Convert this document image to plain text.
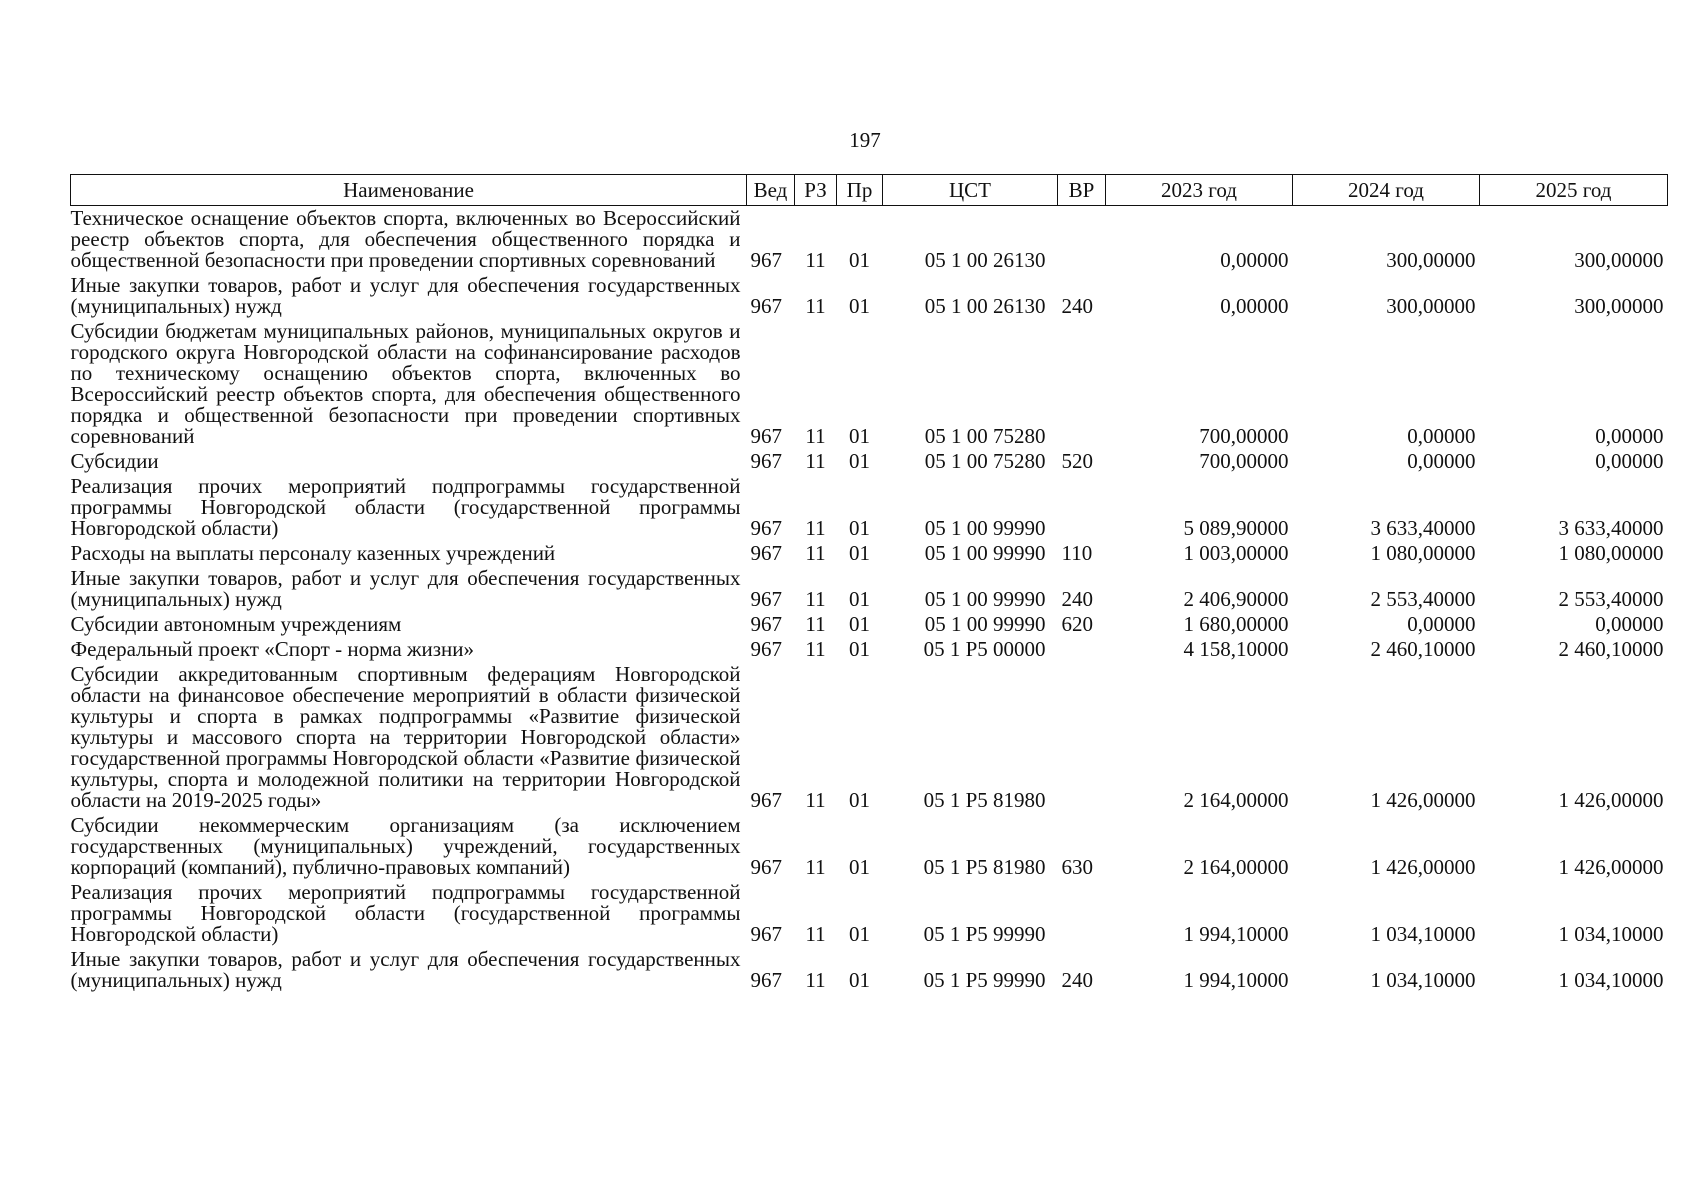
197
Наименование	Вед	РЗ	Пр	ЦСТ	ВР	2023 год	2024 год	2025 год
Техническое оснащение объектов спорта, включенных во Всероссийский реестр объектов спорта, для обеспечения общественного порядка и общественной безопасности при проведении спортивных соревнований	967	11	01	05 1 00 26130		0,00000	300,00000	300,00000
Иные закупки товаров, работ и услуг для обеспечения государственных (муниципальных) нужд	967	11	01	05 1 00 26130	240	0,00000	300,00000	300,00000
Субсидии бюджетам муниципальных районов, муниципальных округов и городского округа Новгородской области на софинансирование расходов по техническому оснащению объектов спорта, включенных во Всероссийский реестр объектов спорта, для обеспечения общественного порядка и общественной безопасности при проведении спортивных соревнований	967	11	01	05 1 00 75280		700,00000	0,00000	0,00000
Субсидии	967	11	01	05 1 00 75280	520	700,00000	0,00000	0,00000
Реализация прочих мероприятий подпрограммы государственной программы Новгородской области (государственной программы Новгородской области)	967	11	01	05 1 00 99990		5 089,90000	3 633,40000	3 633,40000
Расходы на выплаты персоналу казенных учреждений	967	11	01	05 1 00 99990	110	1 003,00000	1 080,00000	1 080,00000
Иные закупки товаров, работ и услуг для обеспечения государственных (муниципальных) нужд	967	11	01	05 1 00 99990	240	2 406,90000	2 553,40000	2 553,40000
Субсидии автономным учреждениям	967	11	01	05 1 00 99990	620	1 680,00000	0,00000	0,00000
Федеральный проект «Спорт - норма жизни»	967	11	01	05 1 P5 00000		4 158,10000	2 460,10000	2 460,10000
Субсидии аккредитованным спортивным федерациям Новгородской области на финансовое обеспечение мероприятий в области физической культуры и спорта в рамках подпрограммы «Развитие физической культуры и массового спорта на территории Новгородской области» государственной программы Новгородской области «Развитие физической культуры, спорта и молодежной политики на территории Новгородской области на 2019-2025 годы»	967	11	01	05 1 P5 81980		2 164,00000	1 426,00000	1 426,00000
Субсидии некоммерческим организациям (за исключением государственных (муниципальных) учреждений, государственных корпораций (компаний), публично-правовых компаний)	967	11	01	05 1 P5 81980	630	2 164,00000	1 426,00000	1 426,00000
Реализация прочих мероприятий подпрограммы государственной программы Новгородской области (государственной программы Новгородской области)	967	11	01	05 1 P5 99990		1 994,10000	1 034,10000	1 034,10000
Иные закупки товаров, работ и услуг для обеспечения государственных (муниципальных) нужд	967	11	01	05 1 P5 99990	240	1 994,10000	1 034,10000	1 034,10000
